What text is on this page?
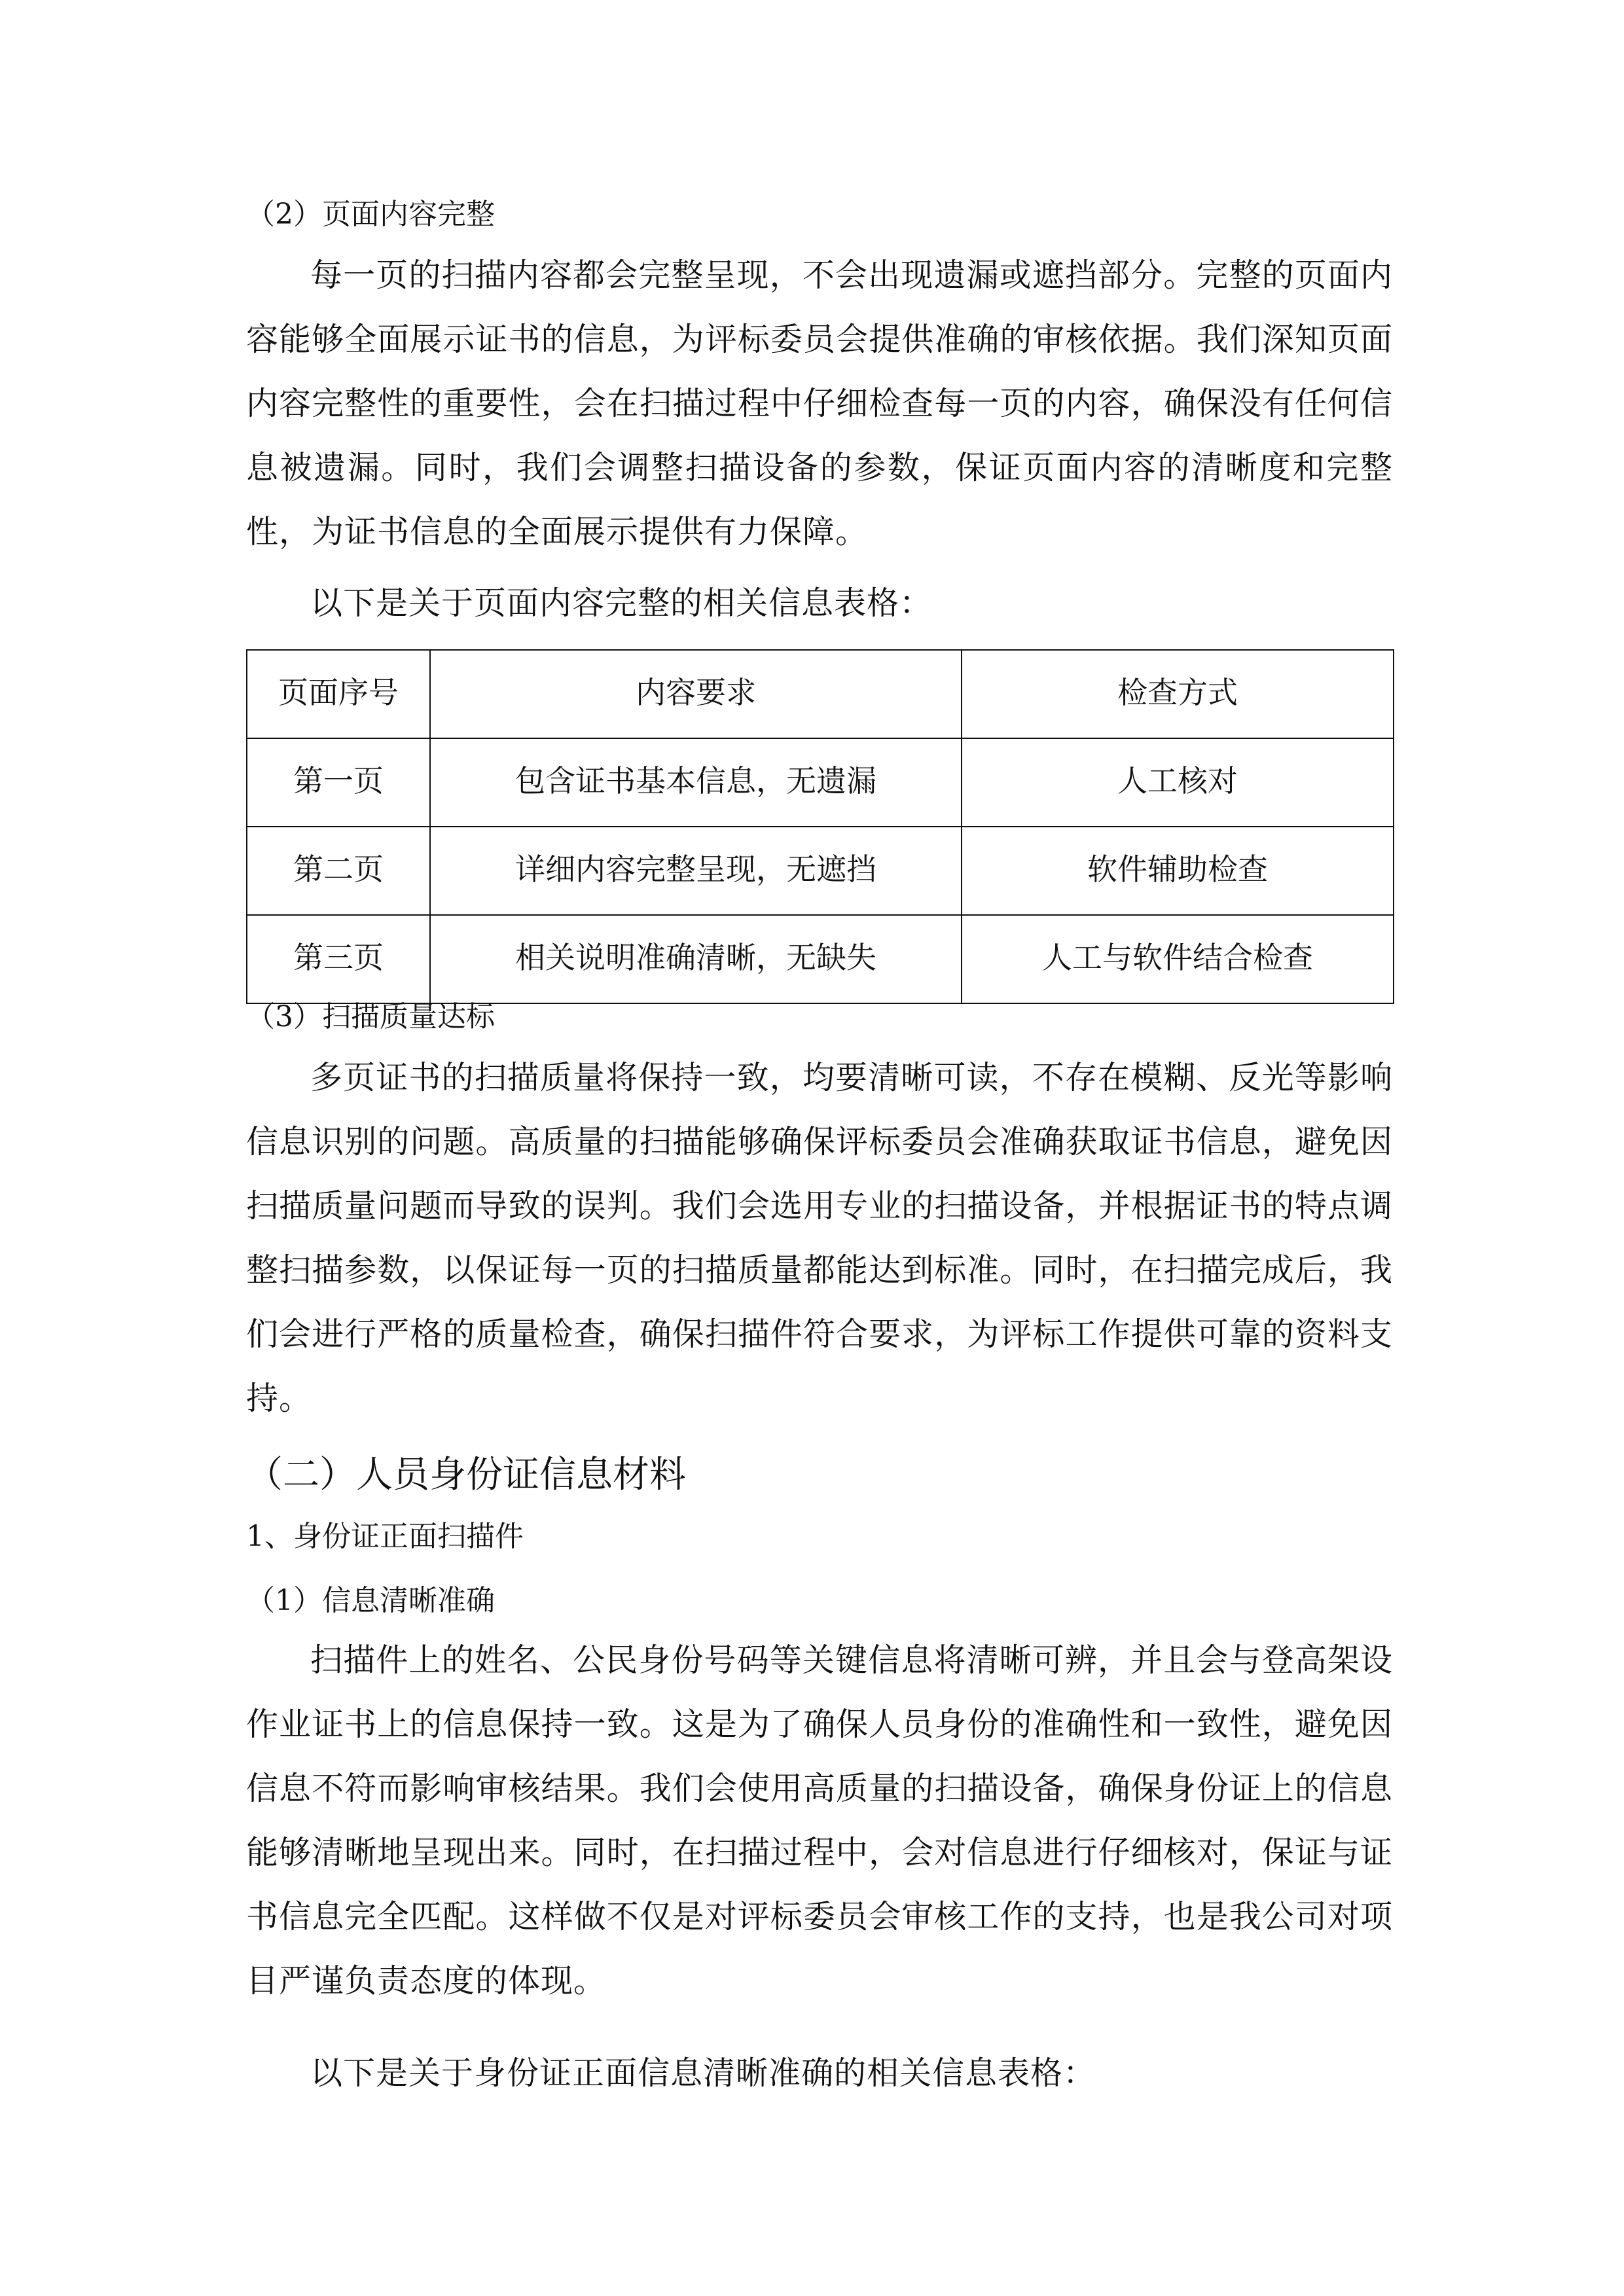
（2）页面内容完整
每一页的扫描内容都会完整呈现，不会出现遗漏或遮挡部分。完整的页面内容能够全面展示证书的信息，为评标委员会提供准确的审核依据。我们深知页面内容完整性的重要性，会在扫描过程中仔细检查每一页的内容，确保没有任何信息被遗漏。同时，我们会调整扫描设备的参数，保证页面内容的清晰度和完整性，为证书信息的全面展示提供有力保障。
以下是关于页面内容完整的相关信息表格：
页面序号	内容要求	检查方式
第一页	包含证书基本信息，无遗漏	人工核对
第二页	详细内容完整呈现，无遮挡	软件辅助检查
第三页	相关说明准确清晰，无缺失	人工与软件结合检查
（3）扫描质量达标
多页证书的扫描质量将保持一致，均要清晰可读，不存在模糊、反光等影响信息识别的问题。高质量的扫描能够确保评标委员会准确获取证书信息，避免因扫描质量问题而导致的误判。我们会选用专业的扫描设备，并根据证书的特点调整扫描参数，以保证每一页的扫描质量都能达到标准。同时，在扫描完成后，我们会进行严格的质量检查，确保扫描件符合要求，为评标工作提供可靠的资料支持。
（二）人员身份证信息材料
1、身份证正面扫描件
（1）信息清晰准确
扫描件上的姓名、公民身份号码等关键信息将清晰可辨，并且会与登高架设作业证书上的信息保持一致。这是为了确保人员身份的准确性和一致性，避免因信息不符而影响审核结果。我们会使用高质量的扫描设备，确保身份证上的信息能够清晰地呈现出来。同时，在扫描过程中，会对信息进行仔细核对，保证与证书信息完全匹配。这样做不仅是对评标委员会审核工作的支持，也是我公司对项目严谨负责态度的体现。
以下是关于身份证正面信息清晰准确的相关信息表格：
